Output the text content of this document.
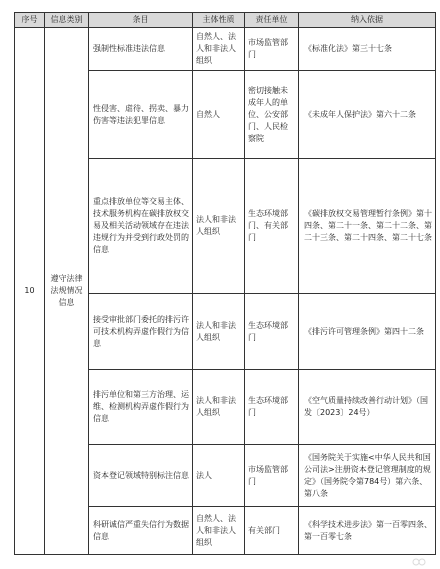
序号	信息类别	条目	主体性质	责任单位	纳入依据
10	遵守法律法规情况信息	强制性标准违法信息	自然人、法人和非法人组织	市场监管部门	《标准化法》第三十七条
		性侵害、虐待、拐卖、暴力伤害等违法犯罪信息	自然人	密切接触未成年人的单位、公安部门、人民检察院	《未成年人保护法》第六十二条
		重点排放单位等交易主体、技术服务机构在碳排放权交易及相关活动领域存在违法违规行为并受到行政处罚的信息	法人和非法人组织	生态环境部门、有关部门	《碳排放权交易管理暂行条例》第十四条、第二十一条、第二十二条、第二十三条、第二十四条、第二十七条
		接受审批部门委托的排污许可技术机构弄虚作假行为信息	法人和非法人组织	生态环境部门	《排污许可管理条例》第四十二条
		排污单位和第三方治理、运维、检测机构弄虚作假行为信息	法人和非法人组织	生态环境部门	《空气质量持续改善行动计划》（国发〔2023〕24号）
		资本登记领域特别标注信息	法人	市场监管部门	《国务院关于实施<中华人民共和国公司法>注册资本登记管理制度的规定》（国务院令第784号）第六条、第八条
		科研诚信严重失信行为数据信息	自然人、法人和非法人组织	有关部门	《科学技术进步法》第一百零四条、第一百零七条
